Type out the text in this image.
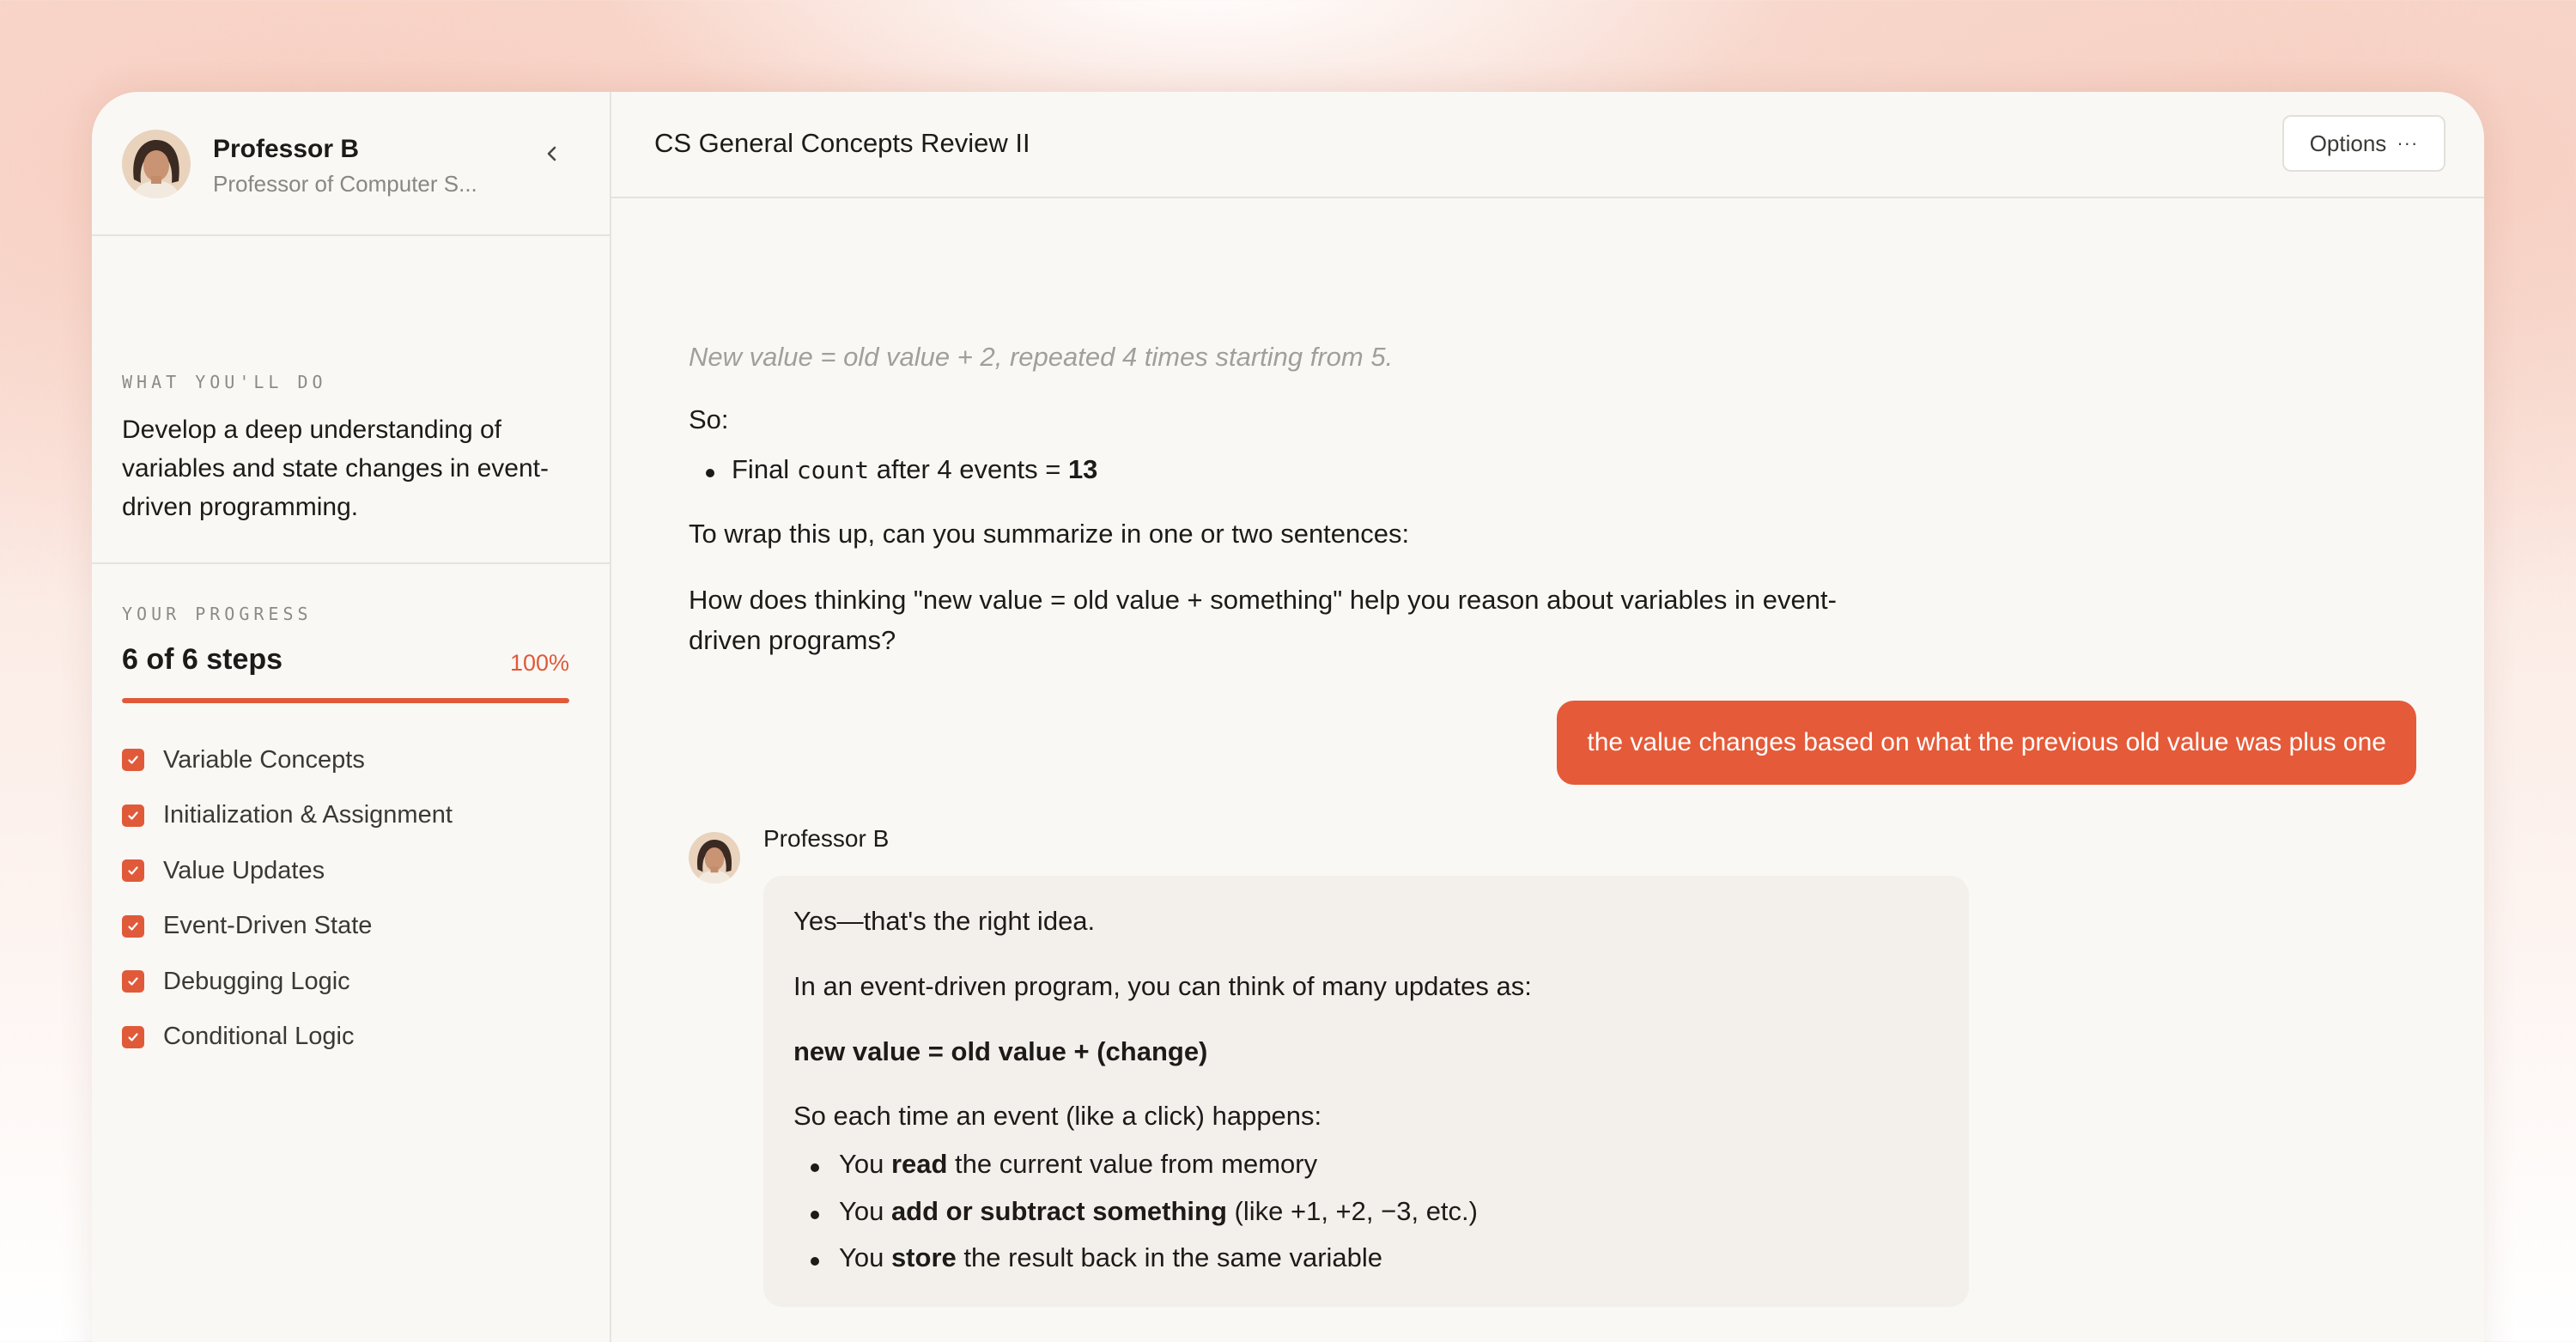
Professor B
Professor of Computer S...
WHAT YOU'LL DO
Develop a deep understanding of variables and state changes in event-driven programming.
YOUR PROGRESS
6 of 6 steps	100%
Variable Concepts
Initialization & Assignment
Value Updates
Event-Driven State
Debugging Logic
Conditional Logic
CS General Concepts Review II	Options ···
New value = old value + 2, repeated 4 times starting from 5.
So:
Final count after 4 events = 13
To wrap this up, can you summarize in one or two sentences:
How does thinking "new value = old value + something" help you reason about variables in event-
driven programs?
the value changes based on what the previous old value was plus one
Professor B
Yes—that's the right idea.
In an event-driven program, you can think of many updates as:
new value = old value + (change)
So each time an event (like a click) happens:
You read the current value from memory
You add or subtract something (like +1, +2, −3, etc.)
You store the result back in the same variable
